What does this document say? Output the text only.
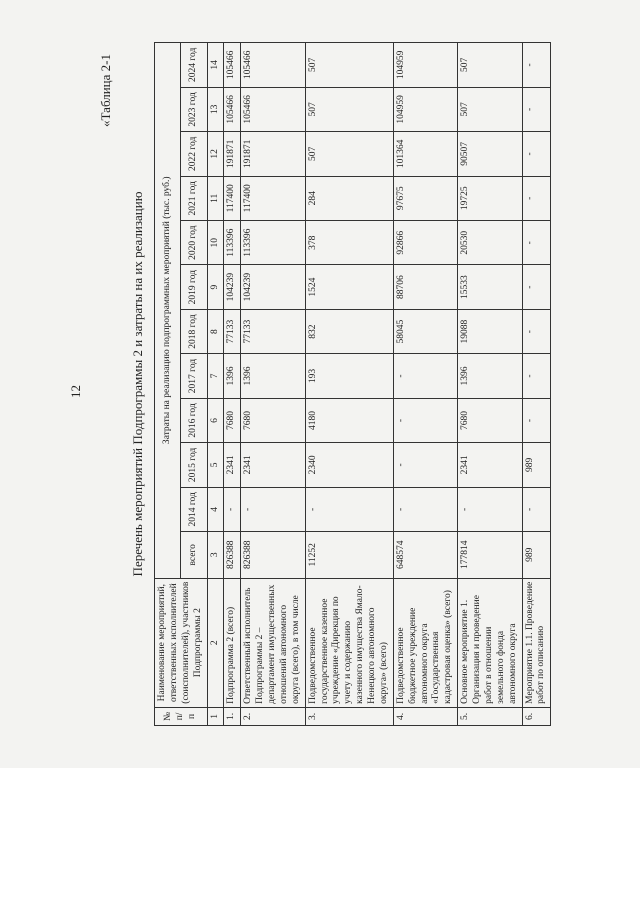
12
«Таблица 2-1
Перечень мероприятий Подпрограммы 2 и затраты на их реализацию
№ п/п	Наименование мероприятий, ответственных исполнителей (соисполнителей), участников Подпрограммы 2	Затраты на реализацию подпрограммных мероприятий (тыс. руб.)											
		всего	2014 год	2015 год	2016 год	2017 год	2018 год	2019 год	2020 год	2021 год	2022 год	2023 год	2024 год
1	2	3	4	5	6	7	8	9	10	11	12	13	14
1.	Подпрограмма 2 (всего)	826388	-	2341	7680	1396	77133	104239	113396	117400	191871	105466	105466
2.	Ответственный исполнитель Подпрограммы 2 – департамент имущественных отношений автономного округа (всего), в том числе	826388	-	2341	7680	1396	77133	104239	113396	117400	191871	105466	105466
3.	Подведомственное государственное казенное учреждение «Дирекция по учету и содержанию казенного имущества Ямало-Ненецкого автономного округа» (всего)	11252	-	2340	4180	193	832	1524	378	284	507	507	507
4.	Подведомственное бюджетное учреждение автономного округа «Государственная кадастровая оценка» (всего)	648574	-	-	-	-	58045	88706	92866	97675	101364	104959	104959
5.	Основное мероприятие 1. Организация и проведение работ в отношении земельного фонда автономного округа	177814	-	2341	7680	1396	19088	15533	20530	19725	90507	507	507
6.	Мероприятие 1.1. Проведение работ по описанию	989	-	989	-	-	-	-	-	-	-	-	-
